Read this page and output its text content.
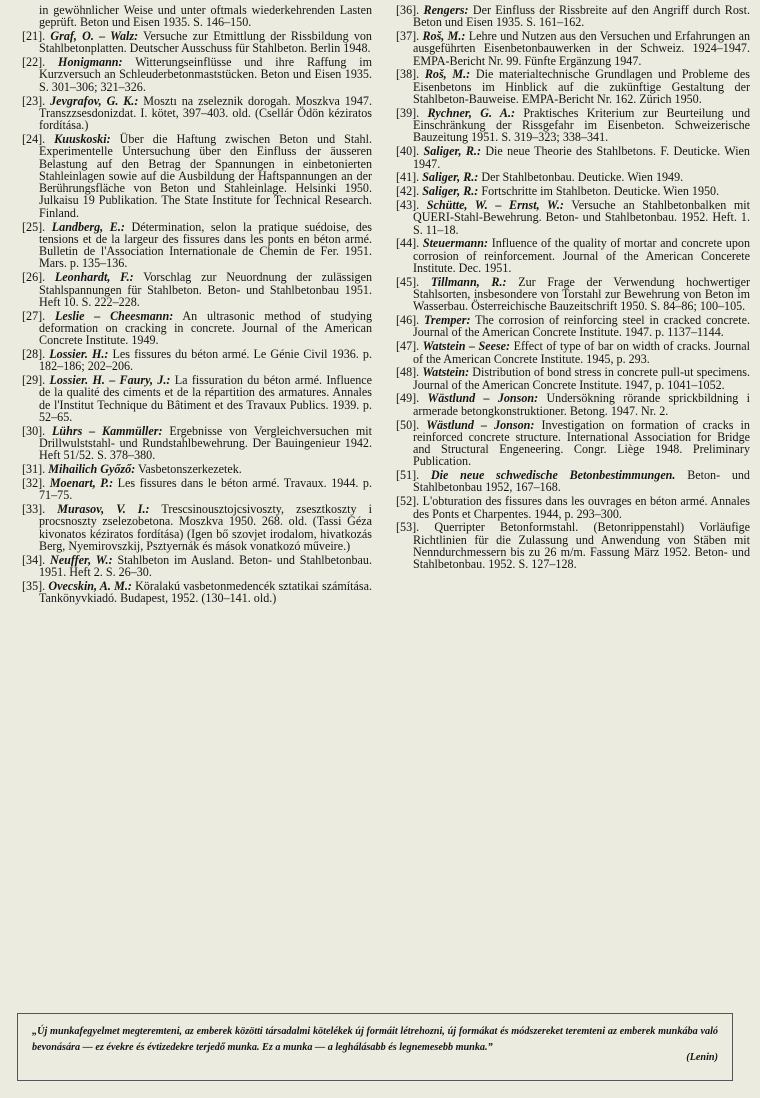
in gewöhnlicher Weise und unter oftmals wiederkehrenden Lasten geprüft. Beton und Eisen 1935. S. 146–150.

[21]. Graf, O. – Walz: Versuche zur Etmittlung der Rissbildung von Stahlbetonplatten. Deutscher Ausschuss für Stahlbeton. Berlin 1948.

[22]. Honigmann: Witterungseinflüsse und ihre Raffung im Kurzversuch an Schleuderbetonmaststücken. Beton und Eisen 1935. S. 301–306; 321–326.

[23]. Jevgrafov, G. K.: Mosztı na zseleznik dorogah. Moszkva 1947. Transzzsesdonizdat. I. kötet, 397–403. old. (Csellár Ödön kéziratos fordítása.)

[24]. Kuuskoski: Über die Haftung zwischen Beton und Stahl. Experimentelle Untersuchung über den Einfluss der äusseren Belastung auf den Betrag der Spannungen in einbetonierten Stahleinlagen sowie auf die Ausbildung der Haftspannungen an der Berührungsfläche von Beton und Stahleinlage. Helsinki 1950. Julkaisu 19 Publikation. The State Institute for Technical Research. Finland.

[25]. Landberg, E.: Détermination, selon la pratique suédoise, des tensions et de la largeur des fissures dans les ponts en béton armé. Bulletin de l'Association Internationale de Chemin de Fer. 1951. Mars. p. 135–136.

[26]. Leonhardt, F.: Vorschlag zur Neuordnung der zulässigen Stahlspannungen für Stahlbeton. Beton- und Stahlbetonbau 1951. Heft 10. S. 222–228.

[27]. Leslie – Cheesmann: An ultrasonic method of studying deformation on cracking in concrete. Journal of the American Concrete Institute. 1949.

[28]. Lossier. H.: Les fissures du béton armé. Le Génie Civil 1936. p. 182–186; 202–206.

[29]. Lossier. H. – Faury, J.: La fissuration du béton armé. Influence de la qualité des ciments et de la répartition des armatures. Annales de l'Institut Technique du Bâtiment et des Travaux Publics. 1939. p. 52–65.

[30]. Lührs – Kammüller: Ergebnisse von Vergleichversuchen mit Drillwulststahl- und Rundstahlbewehrung. Der Bauingenieur 1942. Heft 51/52. S. 378–380.

[31]. Mihailich Győző: Vasbetonszerkezetek.

[32]. Moenart, P.: Les fissures dans le béton armé. Travaux. 1944. p. 71–75.

[33]. Murasov, V. I.: Trescsinousztojcsivoszty, zsesztkoszty i procsnoszty zselezobetona. Moszkva 1950. 268. old. (Tassi Géza kivonatos kéziratos fordítása) (Igen bő szovjet irodalom, hivatkozás Berg, Nyemirovszkij, Psztyernák és mások vonatkozó műveire.)

[34]. Neuffer, W.: Stahlbeton im Ausland. Beton- und Stahlbetonbau. 1951. Heft 2. S. 26–30.

[35]. Ovecskin, A. M.: Köralakú vasbetonmedencék sztatikai számítása. Tankönyvkiadó. Budapest, 1952. (130–141. old.)

[36]. Rengers: Der Einfluss der Rissbreite auf den Angriff durch Rost. Beton und Eisen 1935. S. 161–162.

[37]. Roš, M.: Lehre und Nutzen aus den Versuchen und Erfahrungen an ausgeführten Eisenbetonbauwerken in der Schweiz. 1924–1947. EMPA-Bericht Nr. 99. Fünfte Ergänzung 1947.

[38]. Roš, M.: Die materialtechnische Grundlagen und Probleme des Eisenbetons im Hinblick auf die zukünftige Gestaltung der Stahlbeton-Bauweise. EMPA-Bericht Nr. 162. Zürich 1950.

[39]. Rychner, G. A.: Praktisches Kriterium zur Beurteilung und Einschränkung der Rissgefahr im Eisenbeton. Schweizerische Bauzeitung 1951. S. 319–323; 338–341.

[40]. Saliger, R.: Die neue Theorie des Stahlbetons. F. Deuticke. Wien 1947.

[41]. Saliger, R.: Der Stahlbetonbau. Deuticke. Wien 1949.

[42]. Saliger, R.: Fortschritte im Stahlbeton. Deuticke. Wien 1950.

[43]. Schütte, W. – Ernst, W.: Versuche an Stahlbetonbalken mit QUERI-Stahl-Bewehrung. Beton- und Stahlbetonbau. 1952. Heft. 1. S. 11–18.

[44]. Steuermann: Influence of the quality of mortar and concrete upon corrosion of reinforcement. Journal of the American Concerete Institute. Dec. 1951.

[45]. Tillmann, R.: Zur Frage der Verwendung hochwertiger Stahlsorten, insbesondere von Torstahl zur Bewehrung von Beton im Wasserbau. Österreichische Bauzeitschrift 1950. S. 84–86; 100–105.

[46]. Tremper: The corrosion of reinforcing steel in cracked concrete. Journal of the American Concrete Institute. 1947. p. 1137–1144.

[47]. Watstein – Seese: Effect of type of bar on width of cracks. Journal of the American Concrete Institute. 1945, p. 293.

[48]. Watstein: Distribution of bond stress in concrete pull-ut specimens. Journal of the American Concrete Institute. 1947, p. 1041–1052.

[49]. Wästlund – Jonson: Undersökning rörande sprickbildning i armerade betongkonstruktioner. Betong. 1947. Nr. 2.

[50]. Wästlund – Jonson: Investigation on formation of cracks in reinforced concrete structure. International Association for Bridge and Structural Engeneering. Congr. Liège 1948. Preliminary Publication.

[51]. Die neue schwedische Betonbestimmungen. Beton- und Stahlbetonbau 1952, 167–168.

[52]. L'obturation des fissures dans les ouvrages en béton armé. Annales des Ponts et Charpentes. 1944, p. 293–300.

[53]. Querripter Betonformstahl. (Betonrippenstahl) Vorläufige Richtlinien für die Zulassung und Anwendung von Stäben mit Nenndurchmessern bis zu 26 m/m. Fassung März 1952. Beton- und Stahlbetonbau. 1952. S. 127–128.

„Új munkafegyelmet megteremteni, az emberek közötti társadalmi kötelékek új formáit létrehozni, új formákat és módszereket teremteni az emberek munkába való bevonására — ez évekre és évtizedekre terjedő munka. Ez a munka — a leghálásabb és legnemesebb munka.”
(Lenin)
